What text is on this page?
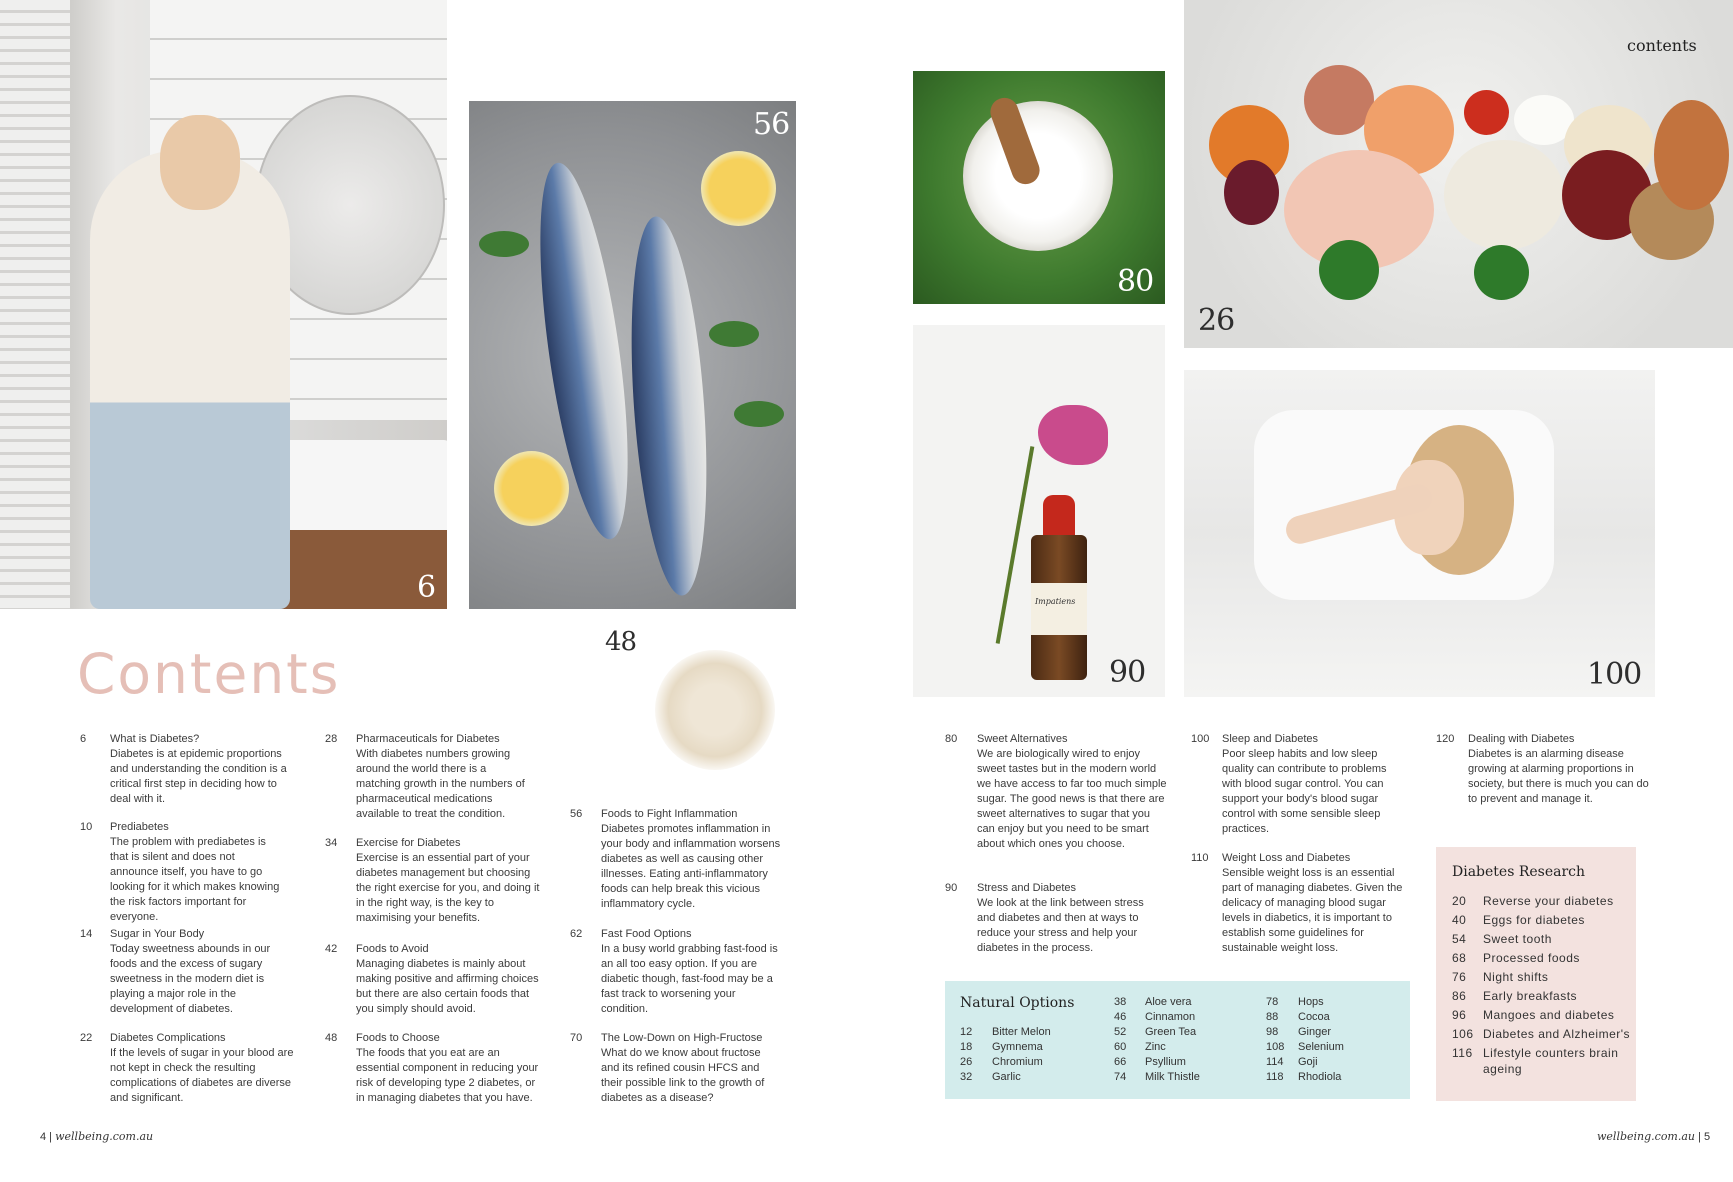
6
56
80
26
contents
Impatiens
90	100
48
Contents
6 What is Diabetes?
Diabetes is at epidemic proportions and understanding the condition is a critical first step in deciding how to deal with it.
10 Prediabetes
The problem with prediabetes is that is silent and does not announce itself, you have to go looking for it which makes knowing the risk factors important for everyone.
14 Sugar in Your Body
Today sweetness abounds in our foods and the excess of sugary sweetness in the modern diet is playing a major role in the development of diabetes.
22 Diabetes Complications
If the levels of sugar in your blood are not kept in check the resulting complications of diabetes are diverse and significant.
28 Pharmaceuticals for Diabetes
With diabetes numbers growing around the world there is a matching growth in the numbers of pharmaceutical medications available to treat the condition.
34 Exercise for Diabetes
Exercise is an essential part of your diabetes management but choosing the right exercise for you, and doing it in the right way, is the key to maximising your benefits.
42 Foods to Avoid
Managing diabetes is mainly about making positive and affirming choices but there are also certain foods that you simply should avoid.
48 Foods to Choose
The foods that you eat are an essential component in reducing your risk of developing type 2 diabetes, or in managing diabetes that you have.
56 Foods to Fight Inflammation
Diabetes promotes inflammation in your body and inflammation worsens diabetes as well as causing other illnesses. Eating anti-inflammatory foods can help break this vicious inflammatory cycle.
62 Fast Food Options
In a busy world grabbing fast-food is an all too easy option. If you are diabetic though, fast-food may be a fast track to worsening your condition.
70 The Low-Down on High-Fructose
What do we know about fructose and its refined cousin HFCS and their possible link to the growth of diabetes as a disease?
80 Sweet Alternatives
We are biologically wired to enjoy sweet tastes but in the modern world we have access to far too much simple sugar. The good news is that there are sweet alternatives to sugar that you can enjoy but you need to be smart about which ones you choose.
90 Stress and Diabetes
We look at the link between stress and diabetes and then at ways to reduce your stress and help your diabetes in the process.
100 Sleep and Diabetes
Poor sleep habits and low sleep quality can contribute to problems with blood sugar control. You can support your body's blood sugar control with some sensible sleep practices.
110 Weight Loss and Diabetes
Sensible weight loss is an essential part of managing diabetes. Given the delicacy of managing blood sugar levels in diabetics, it is important to establish some guidelines for sustainable weight loss.
120 Dealing with Diabetes
Diabetes is an alarming disease growing at alarming proportions in society, but there is much you can do to prevent and manage it.
Natural Options
12 Bitter Melon
18 Gymnema
26 Chromium
32 Garlic
38 Aloe vera
46 Cinnamon
52 Green Tea
60 Zinc
66 Psyllium
74 Milk Thistle
78 Hops
88 Cocoa
98 Ginger
108 Selenium
114 Goji
118 Rhodiola
Diabetes Research
20 Reverse your diabetes
40 Eggs for diabetes
54 Sweet tooth
68 Processed foods
76 Night shifts
86 Early breakfasts
96 Mangoes and diabetes
106 Diabetes and Alzheimer's
116 Lifestyle counters brain ageing
4 | wellbeing.com.au	wellbeing.com.au | 5
